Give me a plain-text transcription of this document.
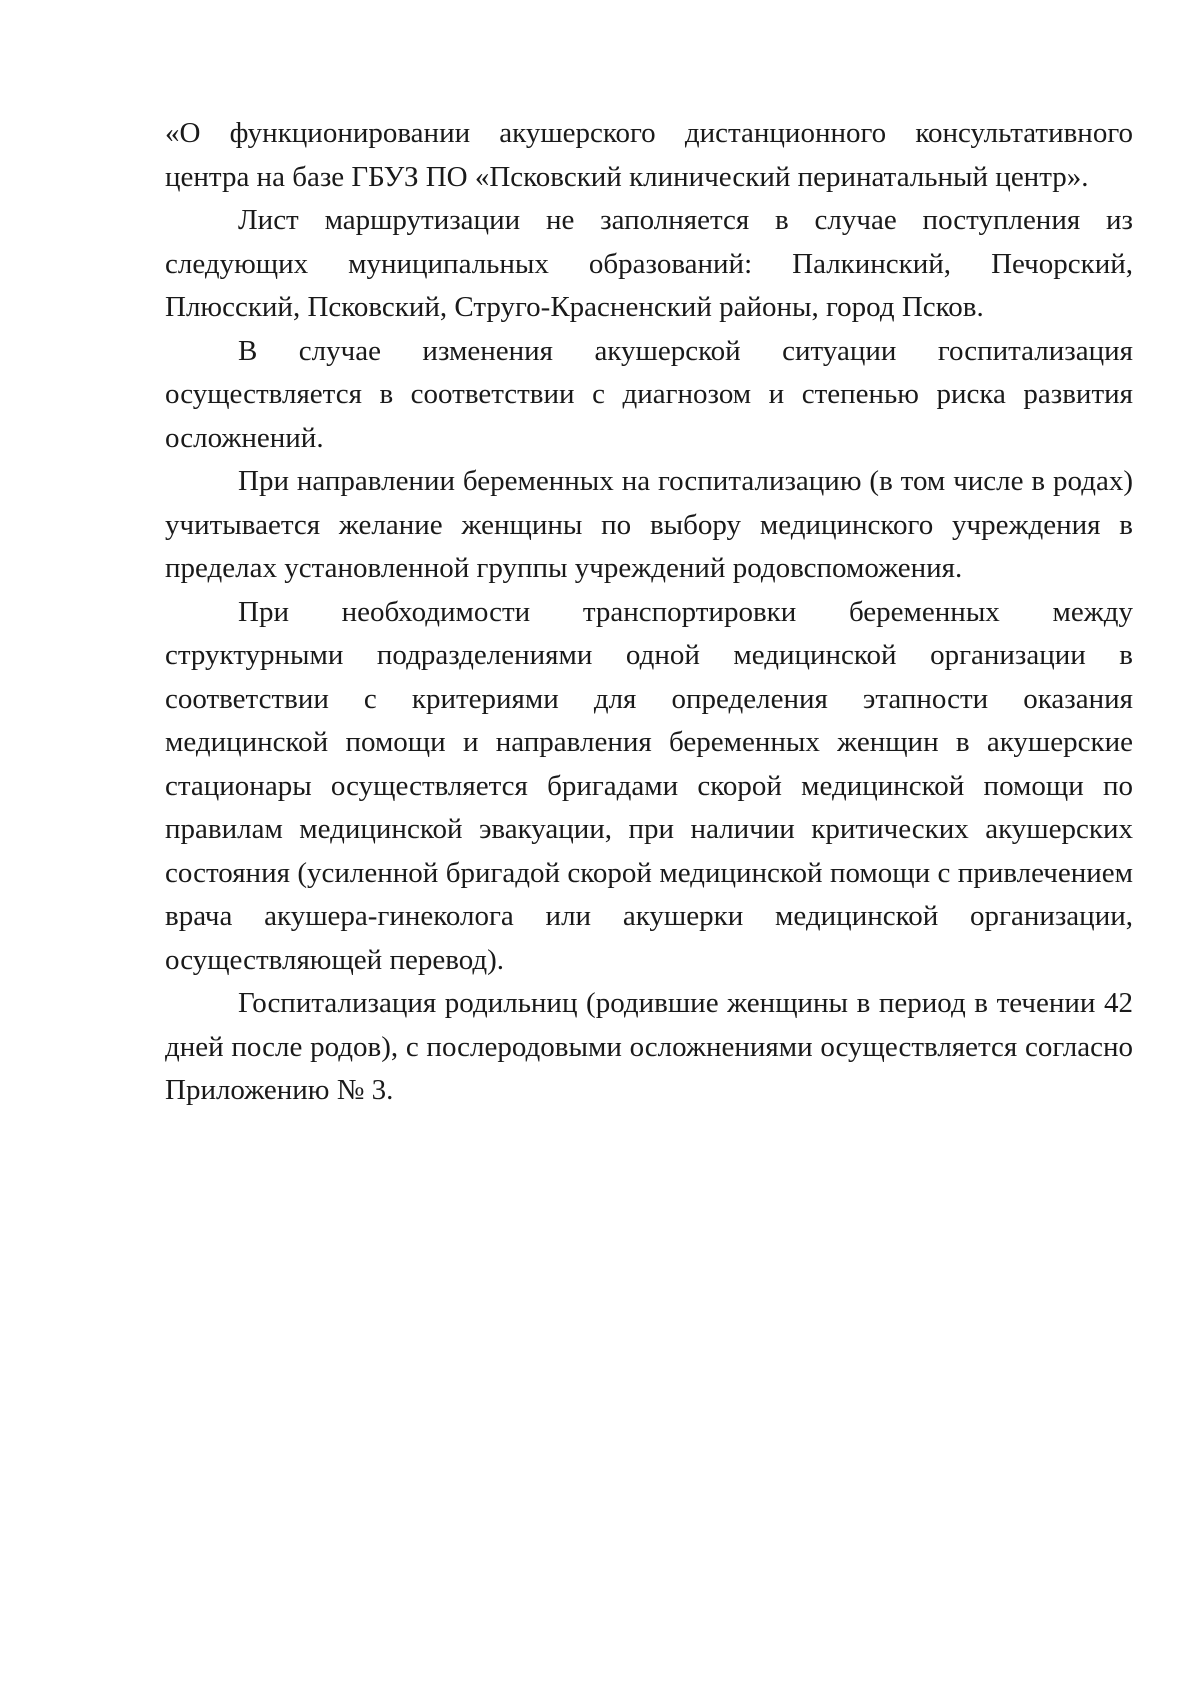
«О функционировании акушерского дистанционного консультативного центра на базе ГБУЗ ПО «Псковский клинический перинатальный центр».

Лист маршрутизации не заполняется в случае поступления из следующих муниципальных образований: Палкинский, Печорский, Плюсский, Псковский, Струго-Красненский районы, город Псков.

В случае изменения акушерской ситуации госпитализация осуществляется в соответствии с диагнозом и степенью риска развития осложнений.

При направлении беременных на госпитализацию (в том числе в родах) учитывается желание женщины по выбору медицинского учреждения в пределах установленной группы учреждений родовспоможения.

При необходимости транспортировки беременных между структурными подразделениями одной медицинской организации в соответствии с критериями для определения этапности оказания медицинской помощи и направления беременных женщин в акушерские стационары осуществляется бригадами скорой медицинской помощи по правилам медицинской эвакуации, при наличии критических акушерских состояния (усиленной бригадой скорой медицинской помощи с привлечением врача акушера-гинеколога или акушерки медицинской организации, осуществляющей перевод).

Госпитализация родильниц (родившие женщины в период в течении 42 дней после родов), с послеродовыми осложнениями осуществляется согласно Приложению № 3.
